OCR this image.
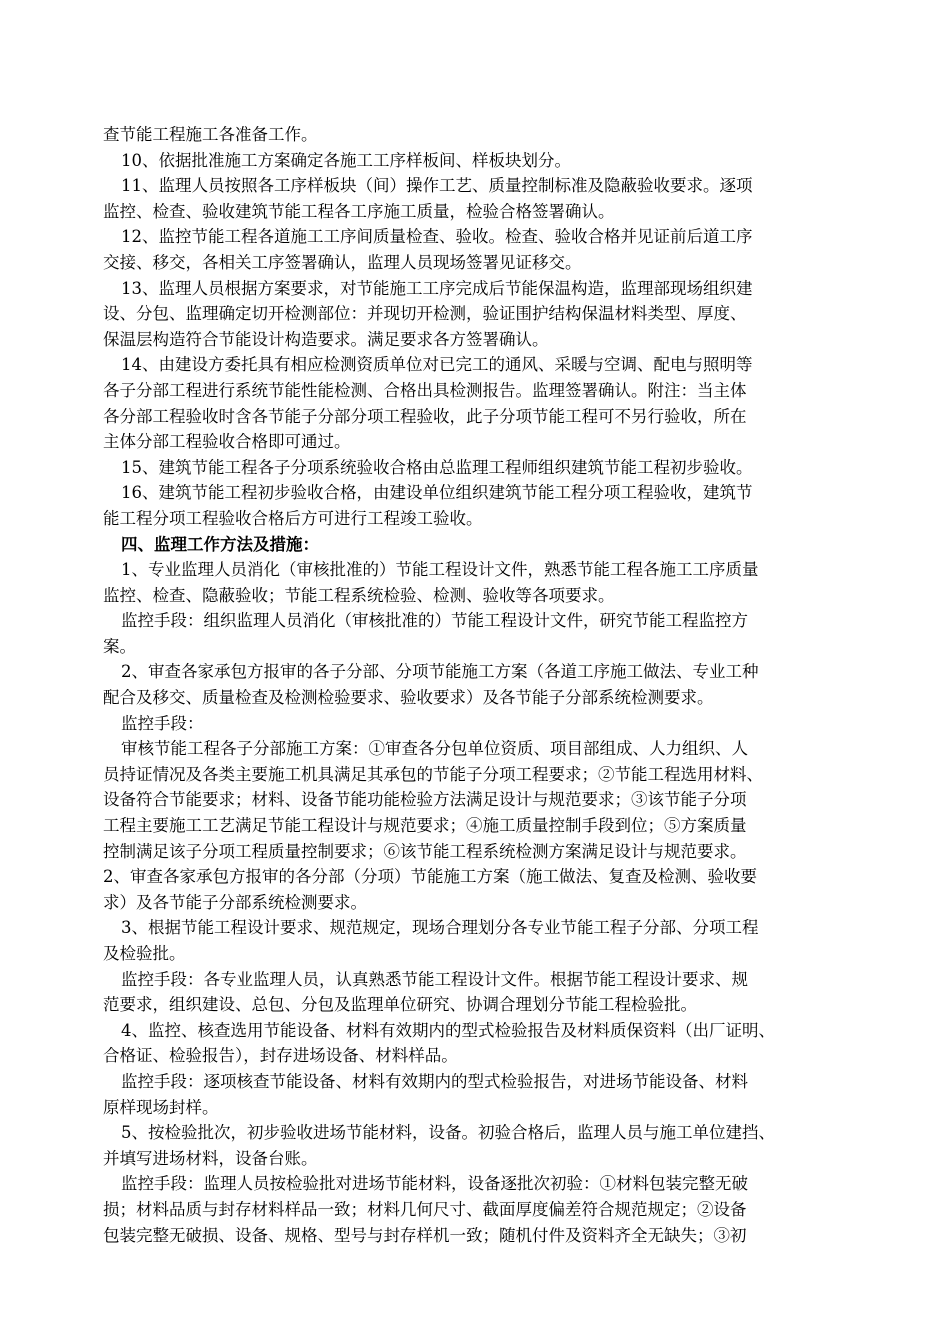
查节能工程施工各准备工作。
10、依据批准施工方案确定各施工工序样板间、样板块划分。
11、监理人员按照各工序样板块（间）操作工艺、质量控制标准及隐蔽验收要求。逐项
监控、检查、验收建筑节能工程各工序施工质量，检验合格签署确认。
12、监控节能工程各道施工工序间质量检查、验收。检查、验收合格并见证前后道工序
交接、移交，各相关工序签署确认，监理人员现场签署见证移交。
13、监理人员根据方案要求，对节能施工工序完成后节能保温构造，监理部现场组织建
设、分包、监理确定切开检测部位：并现切开检测，验证围护结构保温材料类型、厚度、
保温层构造符合节能设计构造要求。满足要求各方签署确认。
14、由建设方委托具有相应检测资质单位对已完工的通风、采暖与空调、配电与照明等
各子分部工程进行系统节能性能检测、合格出具检测报告。监理签署确认。附注：当主体
各分部工程验收时含各节能子分部分项工程验收，此子分项节能工程可不另行验收，所在
主体分部工程验收合格即可通过。
15、建筑节能工程各子分项系统验收合格由总监理工程师组织建筑节能工程初步验收。
16、建筑节能工程初步验收合格，由建设单位组织建筑节能工程分项工程验收，建筑节
能工程分项工程验收合格后方可进行工程竣工验收。
四、监理工作方法及措施：
1、专业监理人员消化（审核批准的）节能工程设计文件，熟悉节能工程各施工工序质量
监控、检查、隐蔽验收；节能工程系统检验、检测、验收等各项要求。
监控手段：组织监理人员消化（审核批准的）节能工程设计文件，研究节能工程监控方
案。
2、审查各家承包方报审的各子分部、分项节能施工方案（各道工序施工做法、专业工种
配合及移交、质量检查及检测检验要求、验收要求）及各节能子分部系统检测要求。
监控手段：
审核节能工程各子分部施工方案：①审查各分包单位资质、项目部组成、人力组织、人
员持证情况及各类主要施工机具满足其承包的节能子分项工程要求；②节能工程选用材料、
设备符合节能要求；材料、设备节能功能检验方法满足设计与规范要求；③该节能子分项
工程主要施工工艺满足节能工程设计与规范要求；④施工质量控制手段到位；⑤方案质量
控制满足该子分项工程质量控制要求；⑥该节能工程系统检测方案满足设计与规范要求。
2、审查各家承包方报审的各分部（分项）节能施工方案（施工做法、复查及检测、验收要
求）及各节能子分部系统检测要求。
3、根据节能工程设计要求、规范规定，现场合理划分各专业节能工程子分部、分项工程
及检验批。
监控手段：各专业监理人员，认真熟悉节能工程设计文件。根据节能工程设计要求、规
范要求，组织建设、总包、分包及监理单位研究、协调合理划分节能工程检验批。
4、监控、核查选用节能设备、材料有效期内的型式检验报告及材料质保资料（出厂证明、
合格证、检验报告），封存进场设备、材料样品。
监控手段：逐项核查节能设备、材料有效期内的型式检验报告，对进场节能设备、材料
原样现场封样。
5、按检验批次，初步验收进场节能材料，设备。初验合格后，监理人员与施工单位建挡、
并填写进场材料，设备台账。
监控手段：监理人员按检验批对进场节能材料，设备逐批次初验：①材料包装完整无破
损；材料品质与封存材料样品一致；材料几何尺寸、截面厚度偏差符合规范规定；②设备
包装完整无破损、设备、规格、型号与封存样机一致；随机付件及资料齐全无缺失；③初
